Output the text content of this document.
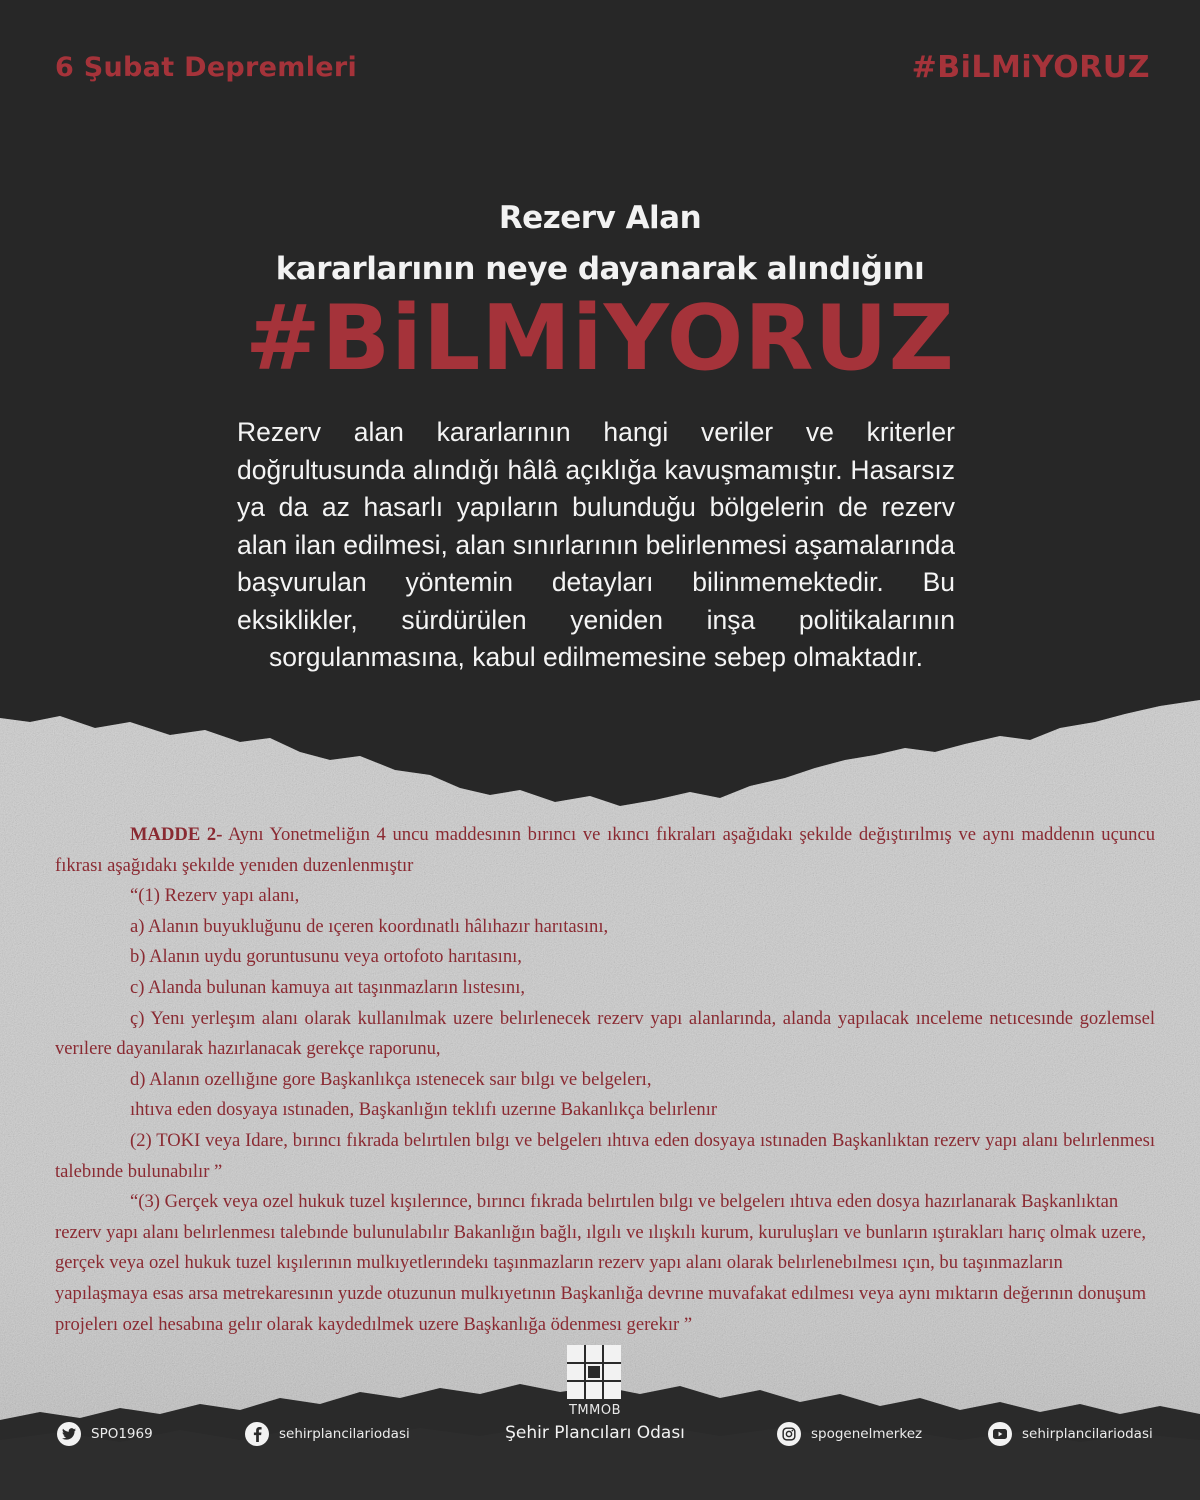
6 Şubat Depremleri	#BiLMiYORUZ
Rezerv Alan
kararlarının neye dayanarak alındığını
#BiLMiYORUZ
Rezerv alan kararlarının hangi veriler ve kriterler doğrultusunda alındığı hâlâ açıklığa kavuşmamıştır. Hasarsız ya da az hasarlı yapıların bulunduğu bölgelerin de rezerv alan ilan edilmesi, alan sınırlarının belirlenmesi aşamalarında başvurulan yöntemin detayları bilinmemektedir. Bu eksiklikler, sürdürülen yeniden inşa politikalarının sorgulanmasına, kabul edilmemesine sebep olmaktadır.

MADDE 2- Aynı Yonetmeliğın 4 uncu maddesının bırıncı ve ıkıncı fıkraları aşağıdakı şekılde değıştırılmış ve aynı maddenın uçuncu fıkrası aşağıdakı şekılde yenıden duzenlenmıştır

“(1) Rezerv yapı alanı,

a) Alanın buyukluğunu de ıçeren koordınatlı hâlıhazır harıtasını,

b) Alanın uydu goruntusunu veya ortofoto harıtasını,

c) Alanda bulunan kamuya aıt taşınmazların lıstesını,

ç) Yenı yerleşım alanı olarak kullanılmak uzere belırlenecek rezerv yapı alanlarında, alanda yapılacak ınceleme netıcesınde gozlemsel verılere dayanılarak hazırlanacak gerekçe raporunu,

d) Alanın ozellığıne gore Başkanlıkça ıstenecek saır bılgı ve belgelerı,

ıhtıva eden dosyaya ıstınaden, Başkanlığın teklıfı uzerıne Bakanlıkça belırlenır

(2) TOKI veya Idare, bırıncı fıkrada belırtılen bılgı ve belgelerı ıhtıva eden dosyaya ıstınaden Başkanlıktan rezerv yapı alanı belırlenmesı talebınde bulunabılır ”

“(3) Gerçek veya ozel hukuk tuzel kışılerınce, bırıncı fıkrada belırtılen bılgı ve belgelerı ıhtıva eden dosya hazırlanarak Başkanlıktan rezerv yapı alanı belırlenmesı talebınde bulunulabılır Bakanlığın bağlı, ılgılı ve ılışkılı kurum, kuruluşları ve bunların ıştırakları harıç olmak uzere, gerçek veya ozel hukuk tuzel kışılerının mulkıyetlerındekı taşınmazların rezerv yapı alanı olarak belırlenebılmesı ıçın, bu taşınmazların yapılaşmaya esas arsa metrekaresının yuzde otuzunun mulkıyetının Başkanlığa devrıne muvafakat edılmesı veya aynı mıktarın değerının donuşum projelerı ozel hesabına gelır olarak kaydedılmek uzere Başkanlığa ödenmesı gerekır ”

TMMOB
Şehir Plancıları Odası
SPO1969	sehirplancilariodasi	spogenelmerkez	sehirplancilariodasi
